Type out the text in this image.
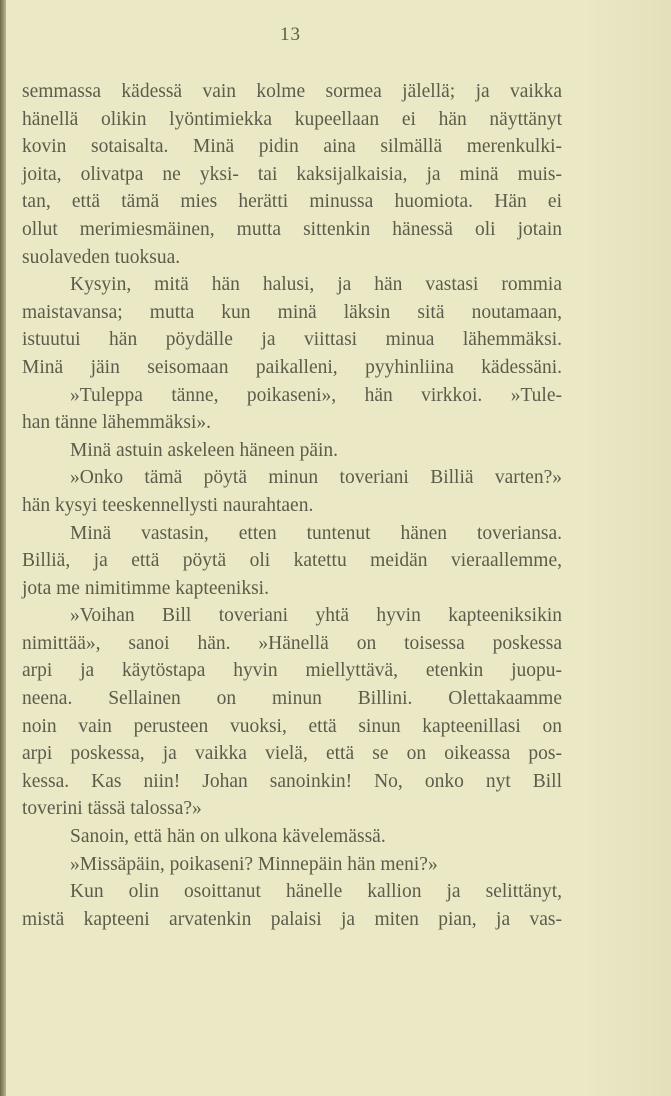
13
semmassa kädessä vain kolme sormea jälellä; ja vaikka
hänellä olikin lyöntimiekka kupeellaan ei hän näyttänyt
kovin sotaisalta. Minä pidin aina silmällä merenkulki-
joita, olivatpa ne yksi- tai kaksijalkaisia, ja minä muis-
tan, että tämä mies herätti minussa huomiota. Hän ei
ollut merimiesmäinen, mutta sittenkin hänessä oli jotain
suolaveden tuoksua.
Kysyin, mitä hän halusi, ja hän vastasi rommia
maistavansa; mutta kun minä läksin sitä noutamaan,
istuutui hän pöydälle ja viittasi minua lähemmäksi.
Minä jäin seisomaan paikalleni, pyyhinliina kädessäni.
»Tuleppa tänne, poikaseni», hän virkkoi. »Tule-
han tänne lähemmäksi».
Minä astuin askeleen häneen päin.
»Onko tämä pöytä minun toveriani Billiä varten?»
hän kysyi teeskennellysti naurahtaen.
Minä vastasin, etten tuntenut hänen toveriansa.
Billiä, ja että pöytä oli katettu meidän vieraallemme,
jota me nimitimme kapteeniksi.
»Voihan Bill toveriani yhtä hyvin kapteeniksikin
nimittää», sanoi hän. »Hänellä on toisessa poskessa
arpi ja käytöstapa hyvin miellyttävä, etenkin juopu-
neena. Sellainen on minun Billini. Olettakaamme
noin vain perusteen vuoksi, että sinun kapteenillasi on
arpi poskessa, ja vaikka vielä, että se on oikeassa pos-
kessa. Kas niin! Johan sanoinkin! No, onko nyt Bill
toverini tässä talossa?»
Sanoin, että hän on ulkona kävelemässä.
»Missäpäin, poikaseni? Minnepäin hän meni?»
Kun olin osoittanut hänelle kallion ja selittänyt,
mistä kapteeni arvatenkin palaisi ja miten pian, ja vas-
